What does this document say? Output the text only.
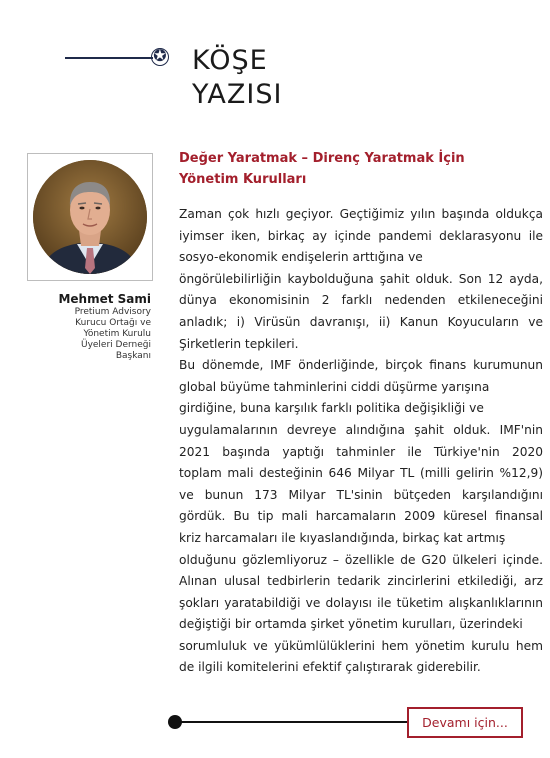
✪ KÖŞE
YAZISI
Mehmet Sami
Pretium Advisory
Kurucu Ortağı ve
Yönetim Kurulu
Üyeleri Derneği
Başkanı
Değer Yaratmak – Direnç Yaratmak İçin
Yönetim Kurulları
Zaman çok hızlı geçiyor. Geçtiğimiz yılın başında oldukça
iyimser iken, birkaç ay içinde pandemi deklarasyonu ile
sosyo-ekonomik endişelerin arttığına ve
öngörülebilirliğin kaybolduğuna şahit olduk. Son 12 ayda,
dünya ekonomisinin 2 farklı nedenden etkileneceğini
anladık; i) Virüsün davranışı, ii) Kanun Koyucuların ve
Şirketlerin tepkileri.
Bu dönemde, IMF önderliğinde, birçok finans kurumunun
global büyüme tahminlerini ciddi düşürme yarışına
girdiğine, buna karşılık farklı politika değişikliği ve
uygulamalarının devreye alındığına şahit olduk. IMF'nin
2021 başında yaptığı tahminler ile Türkiye'nin 2020
toplam mali desteğinin 646 Milyar TL (milli gelirin %12,9)
ve bunun 173 Milyar TL'sinin bütçeden karşılandığını
gördük. Bu tip mali harcamaların 2009 küresel finansal
kriz harcamaları ile kıyaslandığında, birkaç kat artmış
olduğunu gözlemliyoruz – özellikle de G20 ülkeleri içinde.
Alınan ulusal tedbirlerin tedarik zincirlerini etkilediği, arz
şokları yaratabildiği ve dolayısı ile tüketim alışkanlıklarının
değiştiği bir ortamda şirket yönetim kurulları, üzerindeki
sorumluluk ve yükümlülüklerini hem yönetim kurulu hem
de ilgili komitelerini efektif çalıştırarak giderebilir.
Devamı için...
